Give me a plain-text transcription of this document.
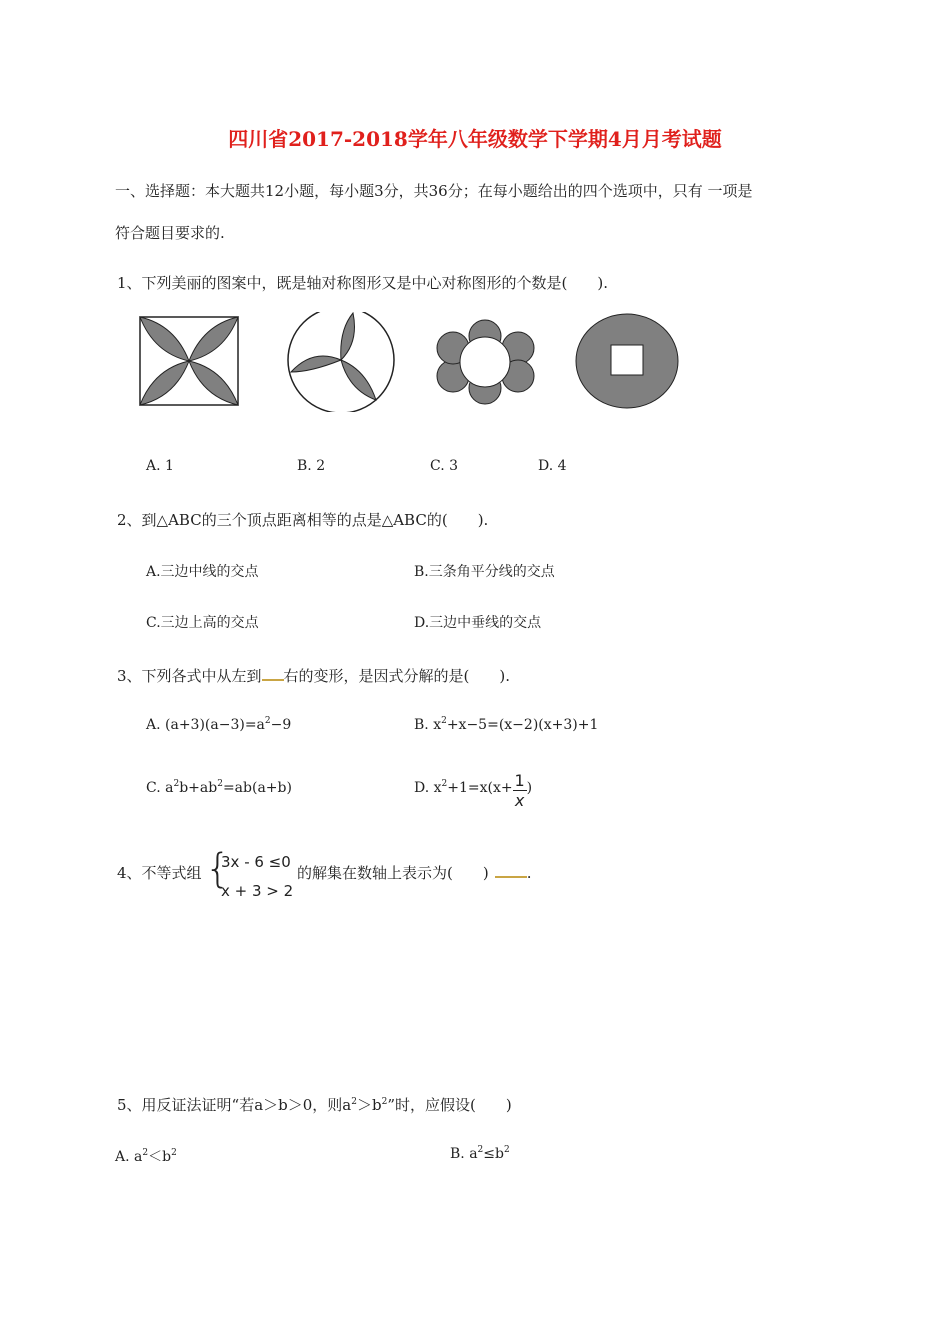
四川省2017-2018学年八年级数学下学期4月月考试题
一、选择题：本大题共12小题，每小题3分，共36分；在每小题给出的四个选项中，只有 一项是
符合题目要求的.
1、下列美丽的图案中，既是轴对称图形又是中心对称图形的个数是(　　).
A. 1	B. 2	C. 3	D. 4
2、到△ABC的三个顶点距离相等的点是△ABC的(　　).
A.三边中线的交点	B.三条角平分线的交点
C.三边上高的交点	D.三边中垂线的交点
3、下列各式中从左到 右的变形，是因式分解的是(　　).
A. $(a+3)(a-3)=a^2-9$	B. $x^2+x-5=(x-2)(x+3)+1$
C. $a^2b+ab^2=ab(a+b)$	D. $x^2+1=x(x+ \frac{1}{x}$ )
4、不等式组 {
3x - 6 ≤0
x + 3 > 2
的解集在数轴上表示为(　　)	.
5、用反证法证明“若a＞b＞0，则$a^2>b^2$”时，应假设(　　)
A. $a^2<b^2$	B. $a^2\le b^2$
